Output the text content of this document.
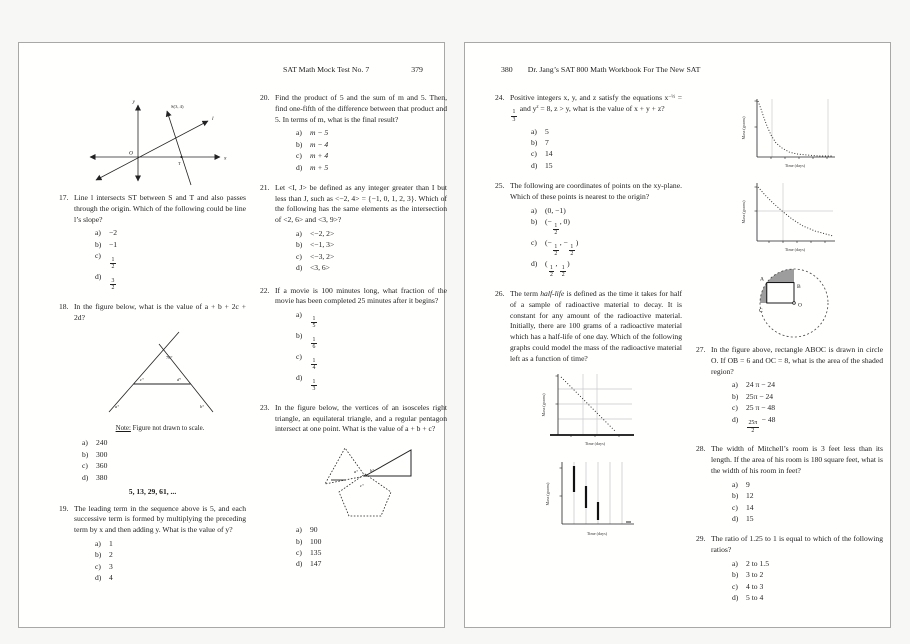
SAT Math Mock Test No. 7	379
y
x
O
S(3, 4)
l
T
17. Line l intersects ST between S and T and also passes through the origin. Which of the following could be line l’s slope?
a)	−2
b)	−1
c)
$\frac{1}{2}$
d)
$\frac{3}{2}$
18. In the figure below, what is the value of a + b + 2c + 2d?
70°
c°	d°
a°	b°
Note: Figure not drawn to scale.
a)	240
b)	300
c)	360
d)	380
5, 13, 29, 61, ...
19. The leading term in the sequence above is 5, and each successive term is formed by multiplying the preceding term by x and then adding y. What is the value of y?
a)	1
b)	2
c)	3
d)	4
20. Find the product of 5 and the sum of m and 5. Then, find one-fifth of the difference between that product and 5. In terms of m, what is the final result?
a)	m − 5
b)	m − 4
c)	m + 4
d)	m + 5
21. Let <I, J> be defined as any integer greater than I but less than J, such as <−2, 4> = {−1, 0, 1, 2, 3}. Which of the following has the same elements as the intersection of <2, 6> and <3, 9>?
a)	<−2, 2>
b)	<−1, 3>
c)	<−3, 2>
d)	<3, 6>
22. If a movie is 100 minutes long, what fraction of the movie has been completed 25 minutes after it begins?
a)
$\frac{1}{5}$
b)
$\frac{1}{6}$
c)
$\frac{1}{4}$
d)
$\frac{1}{3}$
23. In the figure below, the vertices of an isosceles right triangle, an equilateral triangle, and a regular pentagon intersect at one point. What is the value of a + b + c?
a°	b°
c°
a)	90
b)	100
c)	135
d)	147
380 Dr. Jang’s SAT 800 Math Workbook For The New SAT
24. Positive integers x, y, and z satisfy the equations $x^{-\frac{1}{2}}$ =
$\frac{1}{3}$
and $y^z = 8$, z > y, what is the value of x + y + z?
a)	5
b)	7
c)	14
d)	15
25. The following are coordinates of points on the xy-plane. Which of these points is nearest to the origin?
a)	(0, −1)
b)	(−
$\frac{1}{2}$
, 0)
c)	(−
$\frac{1}{2}$
, −
$\frac{1}{2}$
)
d)	(
$\frac{1}{2}$
,
$\frac{1}{2}$
)
26. The term half-life is defined as the time it takes for half of a sample of radioactive material to decay. It is constant for any amount of the radioactive material. Initially, there are 100 grams of a radioactive material which has a half-life of one day. Which of the following graphs could model the mass of the radioactive material left as a function of time?
Mass (grams)
Time (days)
Mass (grams)
Time (days)
Mass (grams)
Time (days)
Mass (grams)
Time (days)
A
B
C
O
27. In the figure above, rectangle ABOC is drawn in circle O. If OB = 6 and OC = 8, what is the area of the shaded region?
a)	24 π − 24
b)	25π − 24
c)	25 π − 48
d)
$\frac{25\pi}{2}$
− 48
28. The width of Mitchell’s room is 3 feet less than its length. If the area of his room is 180 square feet, what is the width of his room in feet?
a)	9
b)	12
c)	14
d)	15
29. The ratio of 1.25 to 1 is equal to which of the following ratios?
a)	2 to 1.5
b)	3 to 2
c)	4 to 3
d)	5 to 4
